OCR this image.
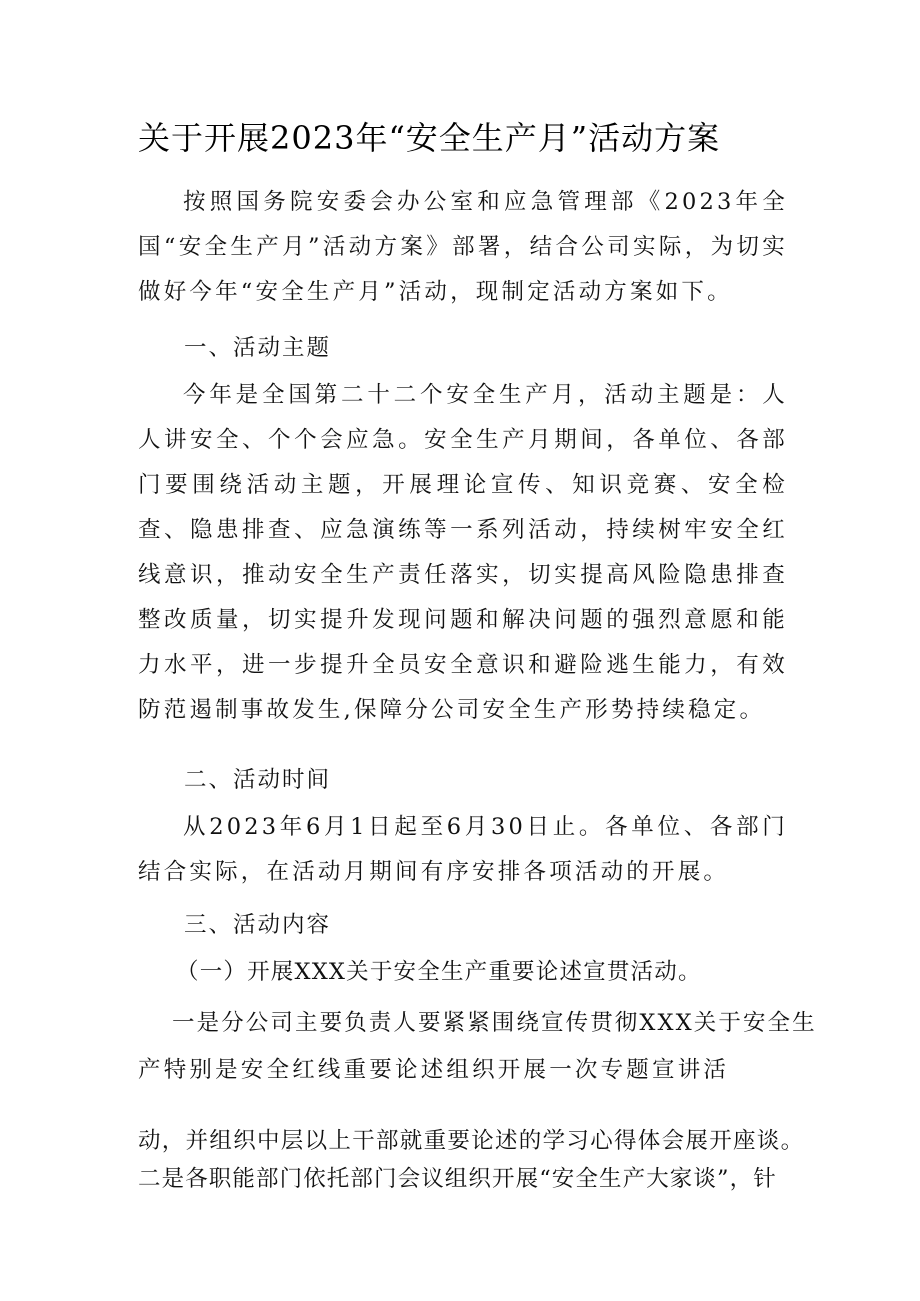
关于开展2023年“安全生产月”活动方案
按照国务院安委会办公室和应急管理部《2023年全国“安全生产月”活动方案》部署，结合公司实际，为切实做好今年“安全生产月”活动，现制定活动方案如下。
一、活动主题
今年是全国第二十二个安全生产月，活动主题是：人人讲安全、个个会应急。安全生产月期间，各单位、各部门要围绕活动主题，开展理论宣传、知识竞赛、安全检查、隐患排查、应急演练等一系列活动，持续树牢安全红线意识，推动安全生产责任落实，切实提高风险隐患排查整改质量，切实提升发现问题和解决问题的强烈意愿和能力水平，进一步提升全员安全意识和避险逃生能力，有效防范遏制事故发生,保障分公司安全生产形势持续稳定。
二、活动时间
从2023年6月1日起至6月30日止。各单位、各部门结合实际，在活动月期间有序安排各项活动的开展。
三、活动内容
（一）开展XXX关于安全生产重要论述宣贯活动。
一是分公司主要负责人要紧紧围绕宣传贯彻XXX关于安全生
产特别是安全红线重要论述组织开展一次专题宣讲活
动，并组织中层以上干部就重要论述的学习心得体会展开座谈。
二是各职能部门依托部门会议组织开展“安全生产大家谈”，针
